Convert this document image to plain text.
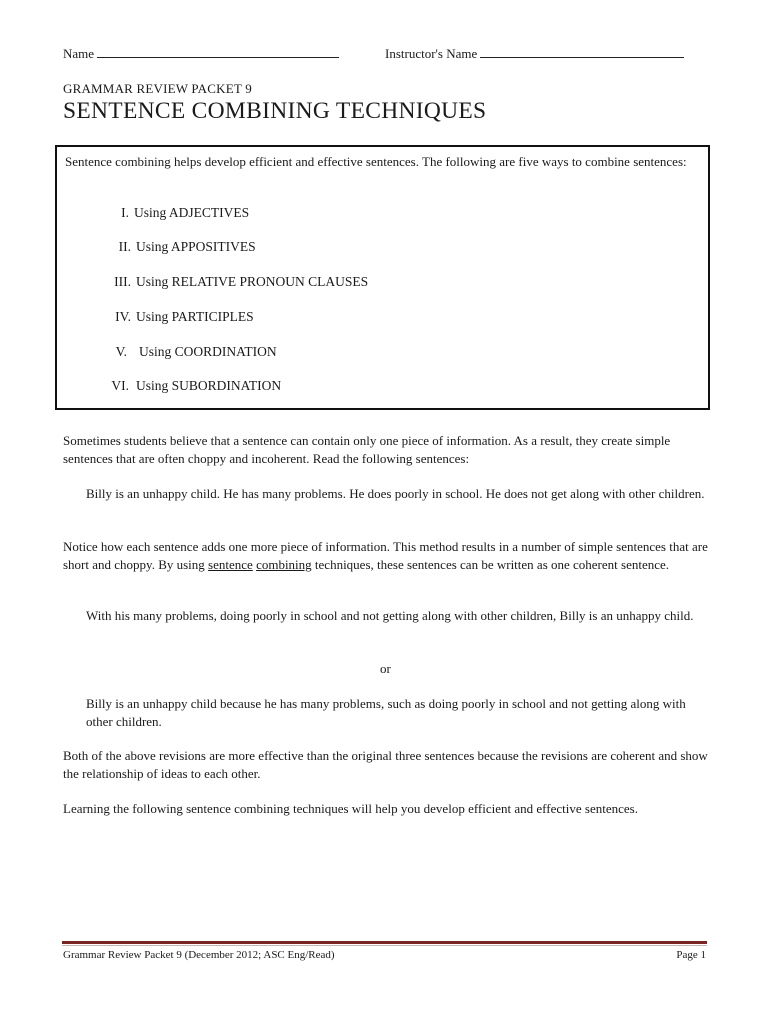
Name	Instructor's Name
GRAMMAR REVIEW PACKET 9
SENTENCE COMBINING TECHNIQUES
Sentence combining helps develop efficient and effective sentences. The following are five ways to combine sentences:
I. Using ADJECTIVES
II. Using APPOSITIVES
III. Using RELATIVE PRONOUN CLAUSES
IV. Using PARTICIPLES
V. Using COORDINATION
VI. Using SUBORDINATION
Sometimes students believe that a sentence can contain only one piece of information. As a result, they create simple sentences that are often choppy and incoherent. Read the following sentences:
Billy is an unhappy child. He has many problems. He does poorly in school. He does not get along with other children.
Notice how each sentence adds one more piece of information. This method results in a number of simple sentences that are short and choppy. By using sentence combining techniques, these sentences can be written as one coherent sentence.
With his many problems, doing poorly in school and not getting along with other children, Billy is an unhappy child.
or
Billy is an unhappy child because he has many problems, such as doing poorly in school and not getting along with other children.
Both of the above revisions are more effective than the original three sentences because the revisions are coherent and show the relationship of ideas to each other.
Learning the following sentence combining techniques will help you develop efficient and effective sentences.
Grammar Review Packet 9 (December 2012; ASC Eng/Read)	Page 1
